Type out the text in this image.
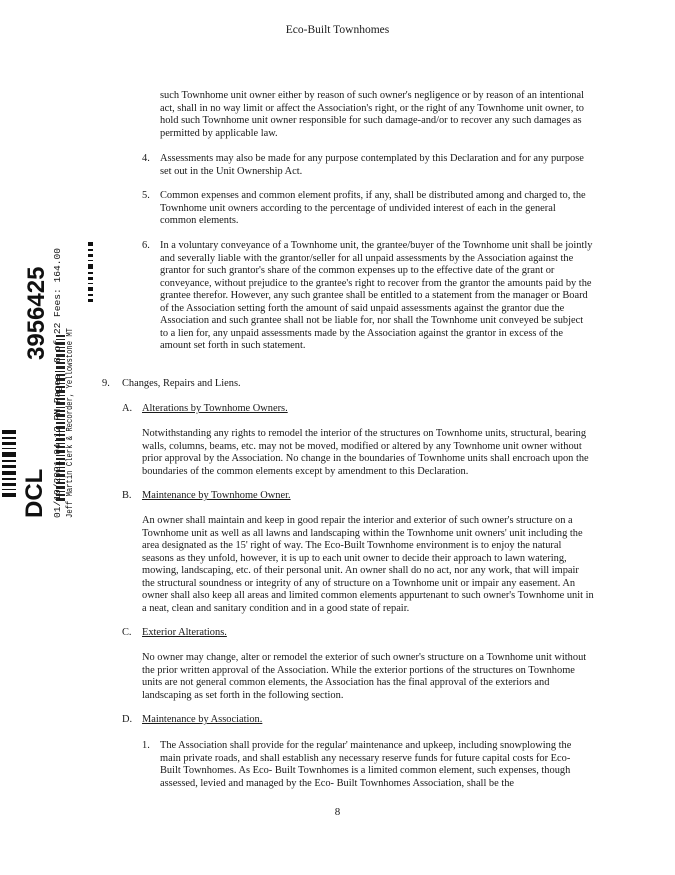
Eco-Built Townhomes
DCL
3956425 01/19/2021 04:12 PM Pages: 8 of 22 Fees: 164.00 Jeff Martin Clerk & Recorder, Yellowstone MT

such Townhome unit owner either by reason of such owner's negligence or by reason of an intentional act, shall in no way limit or affect the Association's right, or the right of any Townhome unit owner, to hold such Townhome unit owner responsible for such damage-and/or to recover any such damages as permitted by applicable law.

4. Assessments may also be made for any purpose contemplated by this Declaration and for any purpose set out in the Unit Ownership Act.

5. Common expenses and common element profits, if any, shall be distributed among and charged to, the Townhome unit owners according to the percentage of undivided interest of each in the general common elements.

6. In a voluntary conveyance of a Townhome unit, the grantee/buyer of the Townhome unit shall be jointly and severally liable with the grantor/seller for all unpaid assessments by the Association against the grantor for such grantor's share of the common expenses up to the effective date of the grant or conveyance, without prejudice to the grantee's right to recover from the grantor the amounts paid by the grantee therefor. However, any such grantee shall be entitled to a statement from the manager or Board of the Association setting forth the amount of said unpaid assessments against the grantor due the Association and such grantee shall not be liable for, nor shall the Townhome unit conveyed be subject to a lien for, any unpaid assessments made by the Association against the grantor in excess of the amount set forth in such statement.

9. Changes, Repairs and Liens.
A. Alterations by Townhome Owners.

Notwithstanding any rights to remodel the interior of the structures on Townhome units, structural, bearing walls, columns, beams, etc. may not be moved, modified or altered by any Townhome unit owner without prior approval by the Association. No change in the boundaries of Townhome units shall encroach upon the boundaries of the common elements except by amendment to this Declaration.

B. Maintenance by Townhome Owner.

An owner shall maintain and keep in good repair the interior and exterior of such owner's structure on a Townhome unit as well as all lawns and landscaping within the Townhome unit owners' unit including the area designated as the 15' right of way. The Eco-Built Townhome environment is to enjoy the natural seasons as they unfold, however, it is up to each unit owner to decide their approach to lawn watering, mowing, landscaping, etc. of their personal unit. An owner shall do no act, nor any work, that will impair the structural soundness or integrity of any of structure on a Townhome unit or impair any easement. An owner shall also keep all areas and limited common elements appurtenant to such owner's Townhome unit in a neat, clean and sanitary condition and in a good state of repair.

C. Exterior Alterations.

No owner may change, alter or remodel the exterior of such owner's structure on a Townhome unit without the prior written approval of the Association. While the exterior portions of the structures on Townhome units are not general common elements, the Association has the final approval of the exteriors and landscaping as set forth in the following section.

D. Maintenance by Association.
1. The Association shall provide for the regular' maintenance and upkeep, including snowplowing the main private roads, and shall establish any necessary reserve funds for future capital costs for Eco- Built Townhomes. As Eco- Built Townhomes is a limited common element, such expenses, though assessed, levied and managed by the Eco- Built Townhomes Association, shall be the

8
